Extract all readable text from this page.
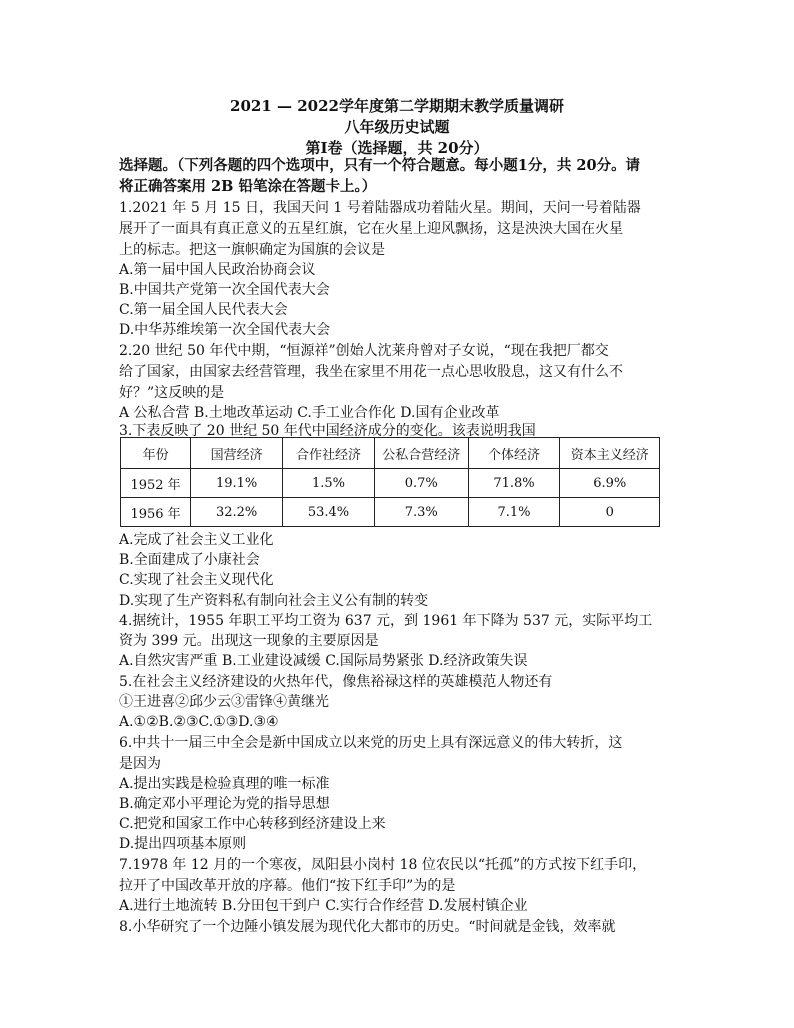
2021 — 2022学年度第二学期期末教学质量调研
八年级历史试题
第Ⅰ卷（选择题，共 20分）
选择题。（下列各题的四个选项中，只有一个符合题意。每小题1分，共 20分。请
将正确答案用 2B 铅笔涂在答题卡上。）
1.2021 年 5 月 15 日，我国天问 1 号着陆器成功着陆火星。期间，天问一号着陆器
展开了一面具有真正意义的五星红旗，它在火星上迎风飘扬，这是泱泱大国在火星
上的标志。把这一旗帜确定为国旗的会议是
A.第一届中国人民政治协商会议
B.中国共产党第一次全国代表大会
C.第一届全国人民代表大会
D.中华苏维埃第一次全国代表大会
2.20 世纪 50 年代中期，“恒源祥”创始人沈莱舟曾对子女说，“现在我把厂都交
给了国家，由国家去经营管理，我坐在家里不用花一点心思收股息，这又有什么不
好？”这反映的是
A 公私合营 B.土地改革运动 C.手工业合作化 D.国有企业改革
3.下表反映了 20 世纪 50 年代中国经济成分的变化。该表说明我国
年份	国营经济	合作社经济	公私合营经济	个体经济	资本主义经济
1952 年	19.1%	1.5%	0.7%	71.8%	6.9%
1956 年	32.2%	53.4%	7.3%	7.1%	0
A.完成了社会主义工业化
B.全面建成了小康社会
C.实现了社会主义现代化
D.实现了生产资料私有制向社会主义公有制的转变
4.据统计，1955 年职工平均工资为 637 元，到 1961 年下降为 537 元，实际平均工
资为 399 元。出现这一现象的主要原因是
A.自然灾害严重 B.工业建设减缓 C.国际局势紧张 D.经济政策失误
5.在社会主义经济建设的火热年代，像焦裕禄这样的英雄模范人物还有
①王进喜②邱少云③雷锋④黄继光
A.①②B.②③C.①③D.③④
6.中共十一届三中全会是新中国成立以来党的历史上具有深远意义的伟大转折，这
是因为
A.提出实践是检验真理的唯一标准
B.确定邓小平理论为党的指导思想
C.把党和国家工作中心转移到经济建设上来
D.提出四项基本原则
7.1978 年 12 月的一个寒夜，凤阳县小岗村 18 位农民以“托孤”的方式按下红手印，
拉开了中国改革开放的序幕。他们“按下红手印”为的是
A.进行土地流转 B.分田包干到户 C.实行合作经营 D.发展村镇企业
8.小华研究了一个边陲小镇发展为现代化大都市的历史。“时间就是金钱，效率就
